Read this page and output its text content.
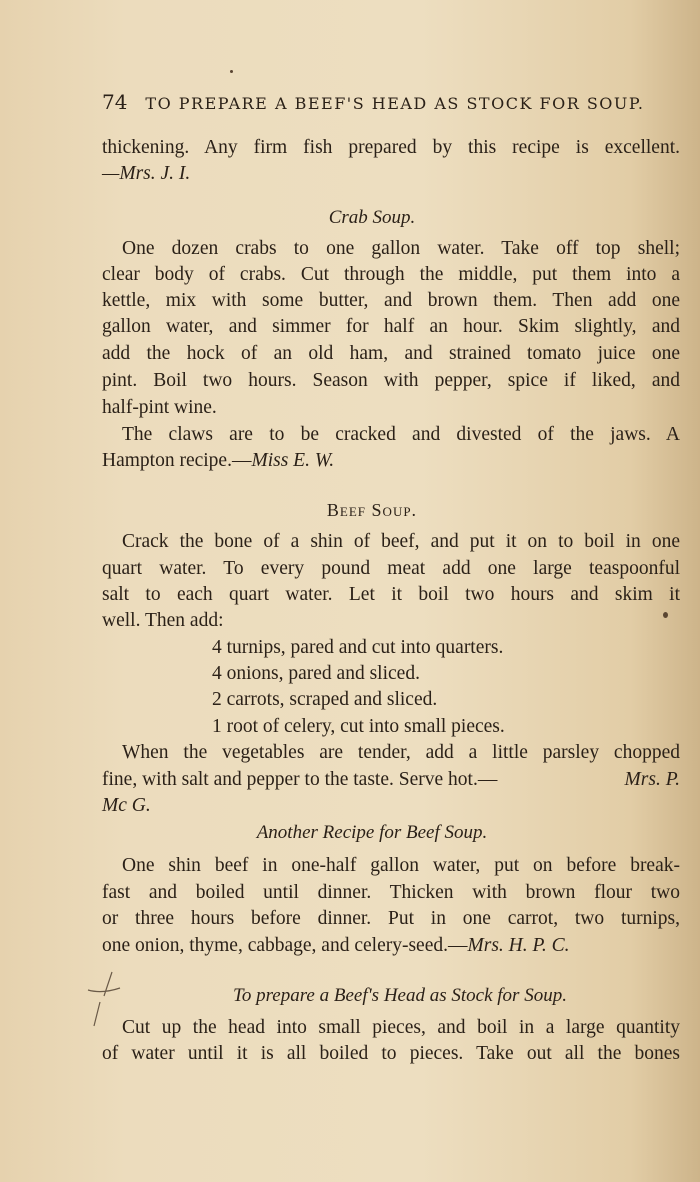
74 TO PREPARE A BEEF'S HEAD AS STOCK FOR SOUP.
thickening. Any firm fish prepared by this recipe is excellent.
—Mrs. J. I.
Crab Soup.
One dozen crabs to one gallon water. Take off top shell;
clear body of crabs. Cut through the middle, put them into a
kettle, mix with some butter, and brown them. Then add one
gallon water, and simmer for half an hour. Skim slightly, and
add the hock of an old ham, and strained tomato juice one
pint. Boil two hours. Season with pepper, spice if liked, and
half-pint wine.
The claws are to be cracked and divested of the jaws. A
Hampton recipe.—Miss E. W.
Beef Soup.
Crack the bone of a shin of beef, and put it on to boil in one
quart water. To every pound meat add one large teaspoonful
salt to each quart water. Let it boil two hours and skim it
well. Then add:
4 turnips, pared and cut into quarters.
4 onions, pared and sliced.
2 carrots, scraped and sliced.
1 root of celery, cut into small pieces.
When the vegetables are tender, add a little parsley chopped
fine, with salt and pepper to the taste. Serve hot.—	Mrs. P.
Mc G.
Another Recipe for Beef Soup.
One shin beef in one-half gallon water, put on before break-
fast and boiled until dinner. Thicken with brown flour two
or three hours before dinner. Put in one carrot, two turnips,
one onion, thyme, cabbage, and celery-seed.—Mrs. H. P. C.
To prepare a Beef's Head as Stock for Soup.
Cut up the head into small pieces, and boil in a large quantity
of water until it is all boiled to pieces. Take out all the bones
